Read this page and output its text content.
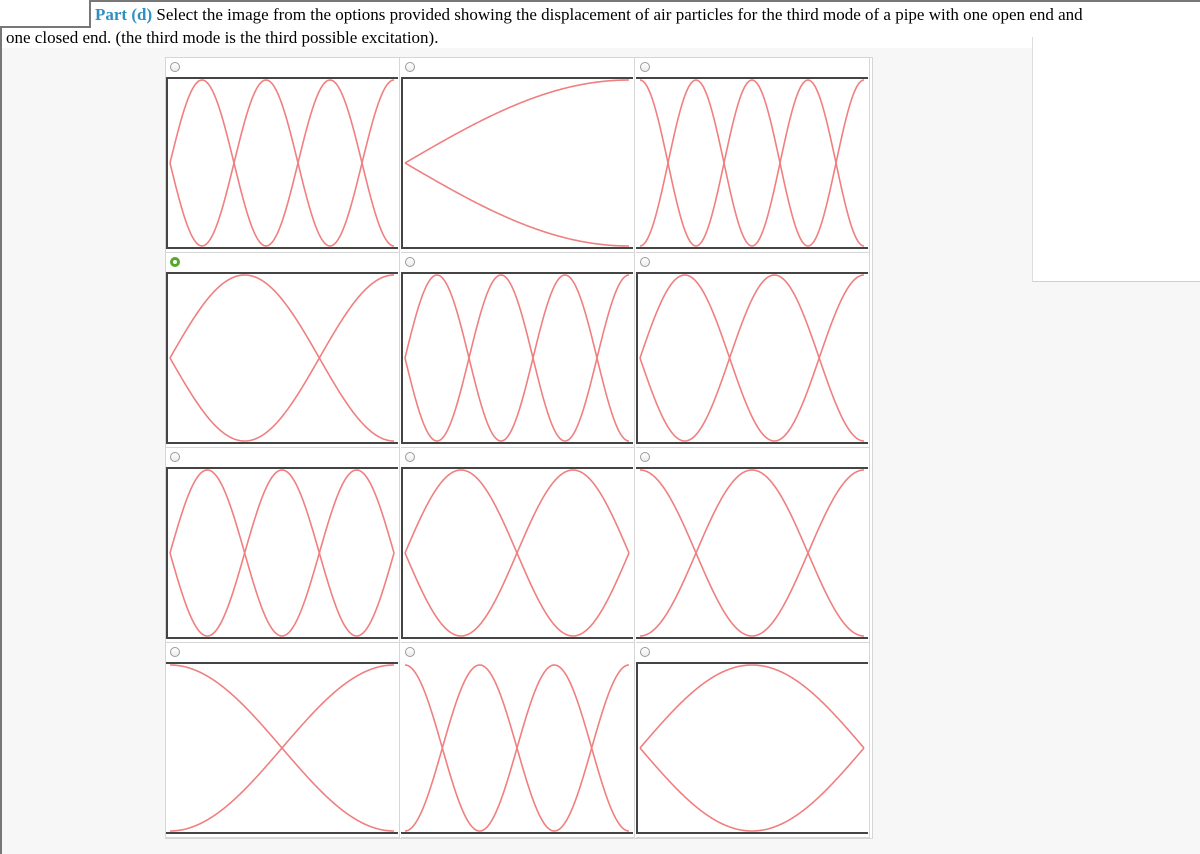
Part (d) Select the image from the options provided showing the displacement of air particles for the third mode of a pipe with one open end and
one closed end. (the third mode is the third possible excitation).
